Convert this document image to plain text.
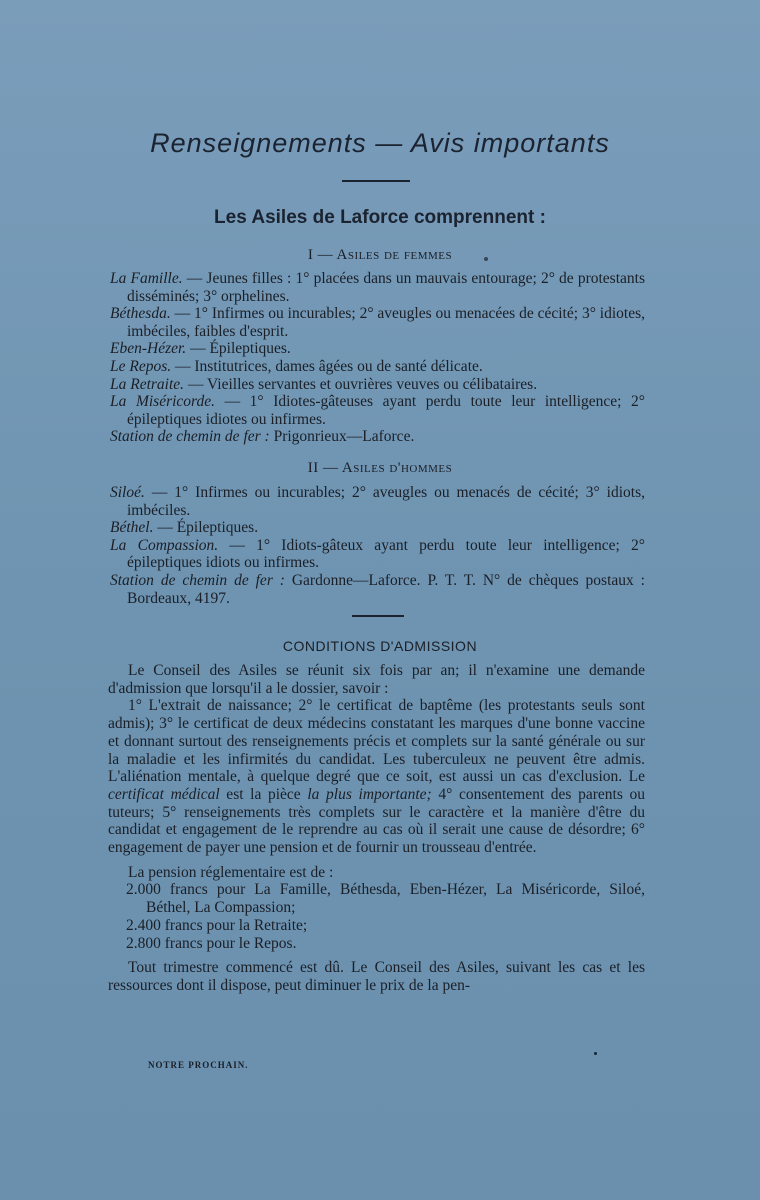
Renseignements — Avis importants
Les Asiles de Laforce comprennent :
I — Asiles de femmes

La Famille. — Jeunes filles : 1° placées dans un mauvais entourage; 2° de protestants disséminés; 3° orphelines.

Béthesda. — 1° Infirmes ou incurables; 2° aveugles ou menacées de cécité; 3° idiotes, imbéciles, faibles d'esprit.

Eben-Hézer. — Épileptiques.

Le Repos. — Institutrices, dames âgées ou de santé délicate.

La Retraite. — Vieilles servantes et ouvrières veuves ou célibataires.

La Miséricorde. — 1° Idiotes-gâteuses ayant perdu toute leur intelligence; 2° épileptiques idiotes ou infirmes.

Station de chemin de fer : Prigonrieux—Laforce.

II — Asiles d'hommes

Siloé. — 1° Infirmes ou incurables; 2° aveugles ou menacés de cécité; 3° idiots, imbéciles.

Béthel. — Épileptiques.

La Compassion. — 1° Idiots-gâteux ayant perdu toute leur intelligence; 2° épileptiques idiots ou infirmes.

Station de chemin de fer : Gardonne—Laforce. P. T. T. N° de chèques postaux : Bordeaux, 4197.

CONDITIONS D'ADMISSION

Le Conseil des Asiles se réunit six fois par an; il n'examine une demande d'admission que lorsqu'il a le dossier, savoir :

1° L'extrait de naissance; 2° le certificat de baptême (les protestants seuls sont admis); 3° le certificat de deux médecins constatant les marques d'une bonne vaccine et donnant surtout des renseignements précis et complets sur la santé générale ou sur la maladie et les infirmités du candidat. Les tuberculeux ne peuvent être admis. L'aliénation mentale, à quelque degré que ce soit, est aussi un cas d'exclusion. Le certificat médical est la pièce la plus importante; 4° consentement des parents ou tuteurs; 5° renseignements très complets sur le caractère et la manière d'être du candidat et engagement de le reprendre au cas où il serait une cause de désordre; 6° engagement de payer une pension et de fournir un trousseau d'entrée.

La pension réglementaire est de :

2.000 francs pour La Famille, Béthesda, Eben-Hézer, La Miséricorde, Siloé, Béthel, La Compassion;

2.400 francs pour la Retraite;

2.800 francs pour le Repos.

Tout trimestre commencé est dû. Le Conseil des Asiles, suivant les cas et les ressources dont il dispose, peut diminuer le prix de la pen-

NOTRE PROCHAIN.
